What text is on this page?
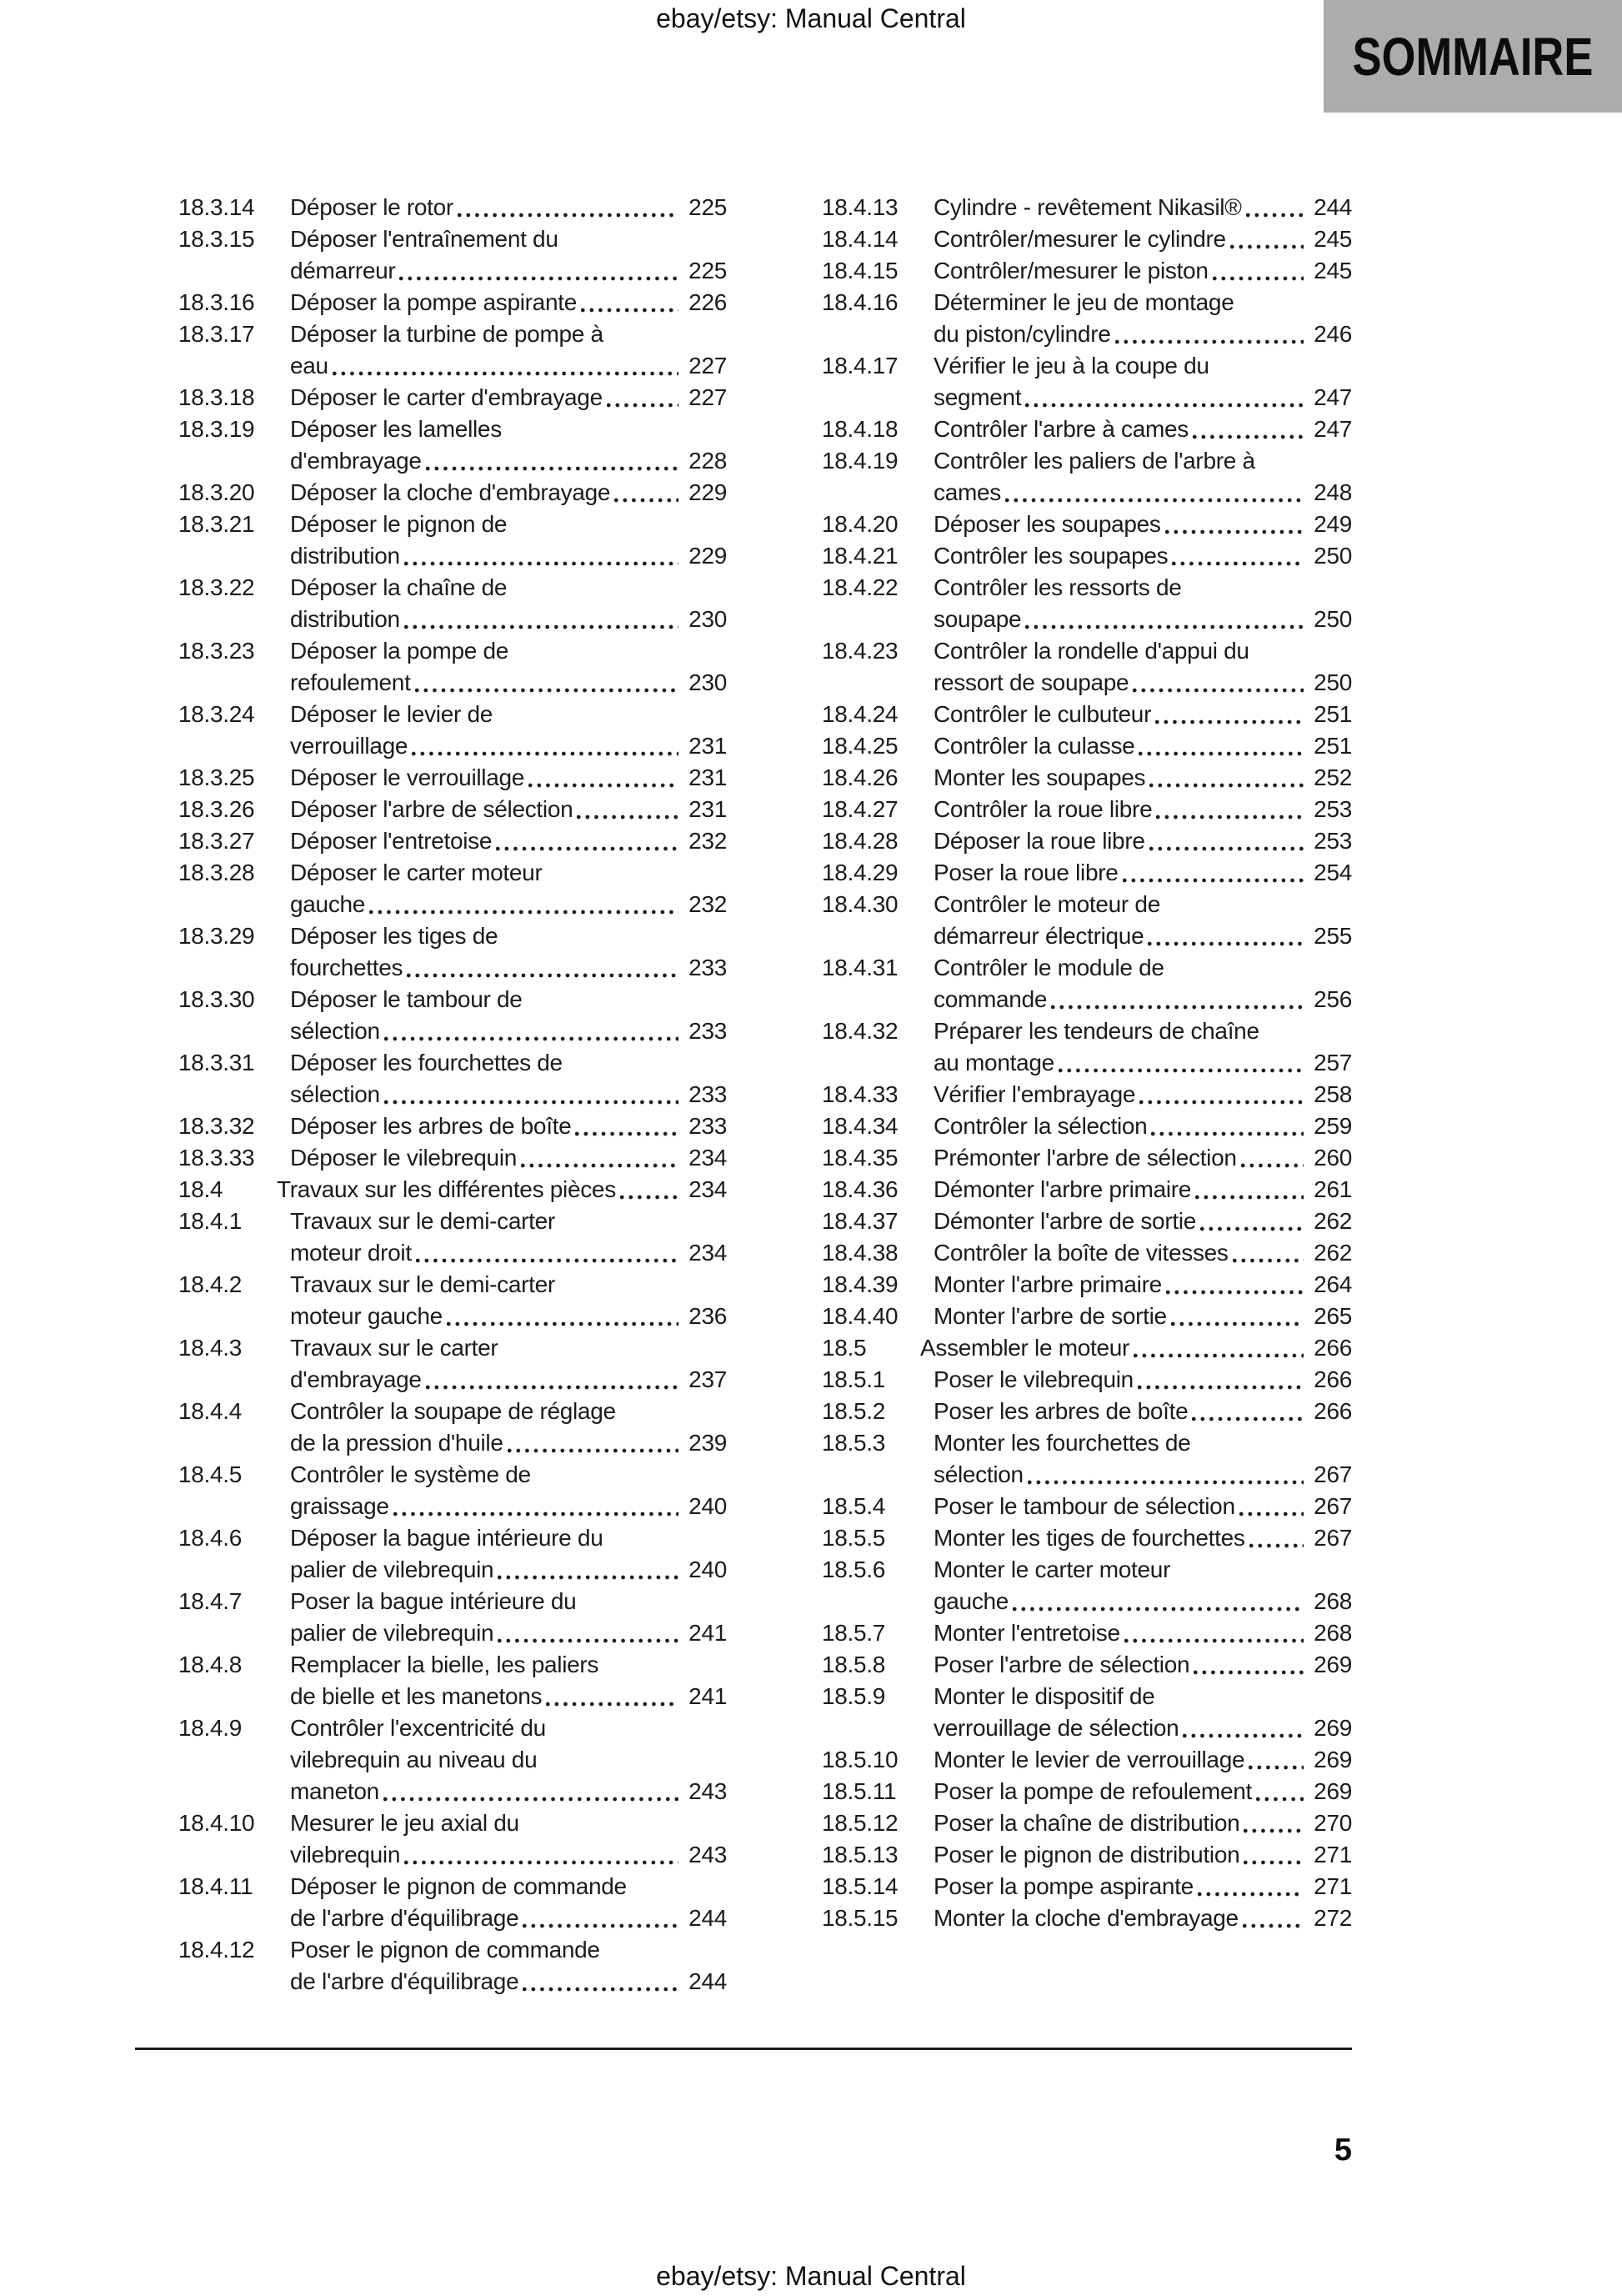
ebay/etsy: Manual Central
SOMMAIRE
18.3.14	Déposer le rotor	225
18.3.15	Déposer l'entraînement du
démarreur	225
18.3.16	Déposer la pompe aspirante	226
18.3.17	Déposer la turbine de pompe à
eau	227
18.3.18	Déposer le carter d'embrayage	227
18.3.19	Déposer les lamelles
d'embrayage	228
18.3.20	Déposer la cloche d'embrayage	229
18.3.21	Déposer le pignon de
distribution	229
18.3.22	Déposer la chaîne de
distribution	230
18.3.23	Déposer la pompe de
refoulement	230
18.3.24	Déposer le levier de
verrouillage	231
18.3.25	Déposer le verrouillage	231
18.3.26	Déposer l'arbre de sélection	231
18.3.27	Déposer l'entretoise	232
18.3.28	Déposer le carter moteur
gauche	232
18.3.29	Déposer les tiges de
fourchettes	233
18.3.30	Déposer le tambour de
sélection	233
18.3.31	Déposer les fourchettes de
sélection	233
18.3.32	Déposer les arbres de boîte	233
18.3.33	Déposer le vilebrequin	234
18.4	Travaux sur les différentes pièces	234
18.4.1	Travaux sur le demi-carter
moteur droit	234
18.4.2	Travaux sur le demi-carter
moteur gauche	236
18.4.3	Travaux sur le carter
d'embrayage	237
18.4.4	Contrôler la soupape de réglage
de la pression d'huile	239
18.4.5	Contrôler le système de
graissage	240
18.4.6	Déposer la bague intérieure du
palier de vilebrequin	240
18.4.7	Poser la bague intérieure du
palier de vilebrequin	241
18.4.8	Remplacer la bielle, les paliers
de bielle et les manetons	241
18.4.9	Contrôler l'excentricité du
vilebrequin au niveau du
maneton	243
18.4.10	Mesurer le jeu axial du
vilebrequin	243
18.4.11	Déposer le pignon de commande
de l'arbre d'équilibrage	244
18.4.12	Poser le pignon de commande
de l'arbre d'équilibrage	244
18.4.13	Cylindre - revêtement Nikasil®	244
18.4.14	Contrôler/mesurer le cylindre	245
18.4.15	Contrôler/mesurer le piston	245
18.4.16	Déterminer le jeu de montage
du piston/cylindre	246
18.4.17	Vérifier le jeu à la coupe du
segment	247
18.4.18	Contrôler l'arbre à cames	247
18.4.19	Contrôler les paliers de l'arbre à
cames	248
18.4.20	Déposer les soupapes	249
18.4.21	Contrôler les soupapes	250
18.4.22	Contrôler les ressorts de
soupape	250
18.4.23	Contrôler la rondelle d'appui du
ressort de soupape	250
18.4.24	Contrôler le culbuteur	251
18.4.25	Contrôler la culasse	251
18.4.26	Monter les soupapes	252
18.4.27	Contrôler la roue libre	253
18.4.28	Déposer la roue libre	253
18.4.29	Poser la roue libre	254
18.4.30	Contrôler le moteur de
démarreur électrique	255
18.4.31	Contrôler le module de
commande	256
18.4.32	Préparer les tendeurs de chaîne
au montage	257
18.4.33	Vérifier l'embrayage	258
18.4.34	Contrôler la sélection	259
18.4.35	Prémonter l'arbre de sélection	260
18.4.36	Démonter l'arbre primaire	261
18.4.37	Démonter l'arbre de sortie	262
18.4.38	Contrôler la boîte de vitesses	262
18.4.39	Monter l'arbre primaire	264
18.4.40	Monter l'arbre de sortie	265
18.5	Assembler le moteur	266
18.5.1	Poser le vilebrequin	266
18.5.2	Poser les arbres de boîte	266
18.5.3	Monter les fourchettes de
sélection	267
18.5.4	Poser le tambour de sélection	267
18.5.5	Monter les tiges de fourchettes	267
18.5.6	Monter le carter moteur
gauche	268
18.5.7	Monter l'entretoise	268
18.5.8	Poser l'arbre de sélection	269
18.5.9	Monter le dispositif de
verrouillage de sélection	269
18.5.10	Monter le levier de verrouillage	269
18.5.11	Poser la pompe de refoulement	269
18.5.12	Poser la chaîne de distribution	270
18.5.13	Poser le pignon de distribution	271
18.5.14	Poser la pompe aspirante	271
18.5.15	Monter la cloche d'embrayage	272
5
ebay/etsy: Manual Central
